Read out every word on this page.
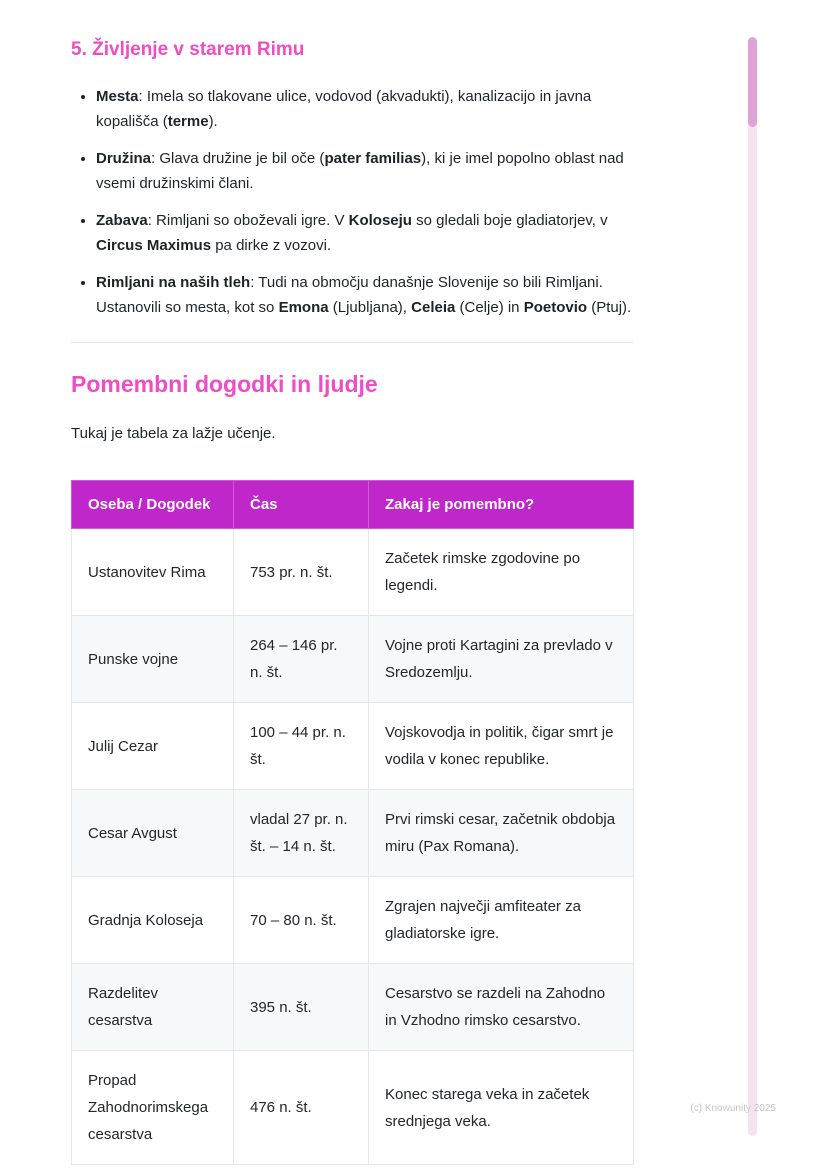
5. Življenje v starem Rimu
• Mesta: Imela so tlakovane ulice, vodovod (akvadukti), kanalizacijo in javna kopališča (terme).
• Družina: Glava družine je bil oče (pater familias), ki je imel popolno oblast nad vsemi družinskimi člani.
• Zabava: Rimljani so oboževali igre. V Koloseju so gledali boje gladiatorjev, v Circus Maximus pa dirke z vozovi.
• Rimljani na naših tleh: Tudi na območju današnje Slovenije so bili Rimljani. Ustanovili so mesta, kot so Emona (Ljubljana), Celeia (Celje) in Poetovio (Ptuj).
Pomembni dogodki in ljudje

Tukaj je tabela za lažje učenje.

Oseba / Dogodek	Čas	Zakaj je pomembno?
Ustanovitev Rima	753 pr. n. št.	Začetek rimske zgodovine po legendi.
Punske vojne	264 – 146 pr. n. št.	Vojne proti Kartagini za prevlado v Sredozemlju.
Julij Cezar	100 – 44 pr. n. št.	Vojskovodja in politik, čigar smrt je vodila v konec republike.
Cesar Avgust	vladal 27 pr. n. št. – 14 n. št.	Prvi rimski cesar, začetnik obdobja miru (Pax Romana).
Gradnja Koloseja	70 – 80 n. št.	Zgrajen največji amfiteater za gladiatorske igre.
Razdelitev cesarstva	395 n. št.	Cesarstvo se razdeli na Zahodno in Vzhodno rimsko cesarstvo.
Propad Zahodnorimskega cesarstva	476 n. št.	Konec starega veka in začetek srednjega veka.
(c) Knowunity 2025
